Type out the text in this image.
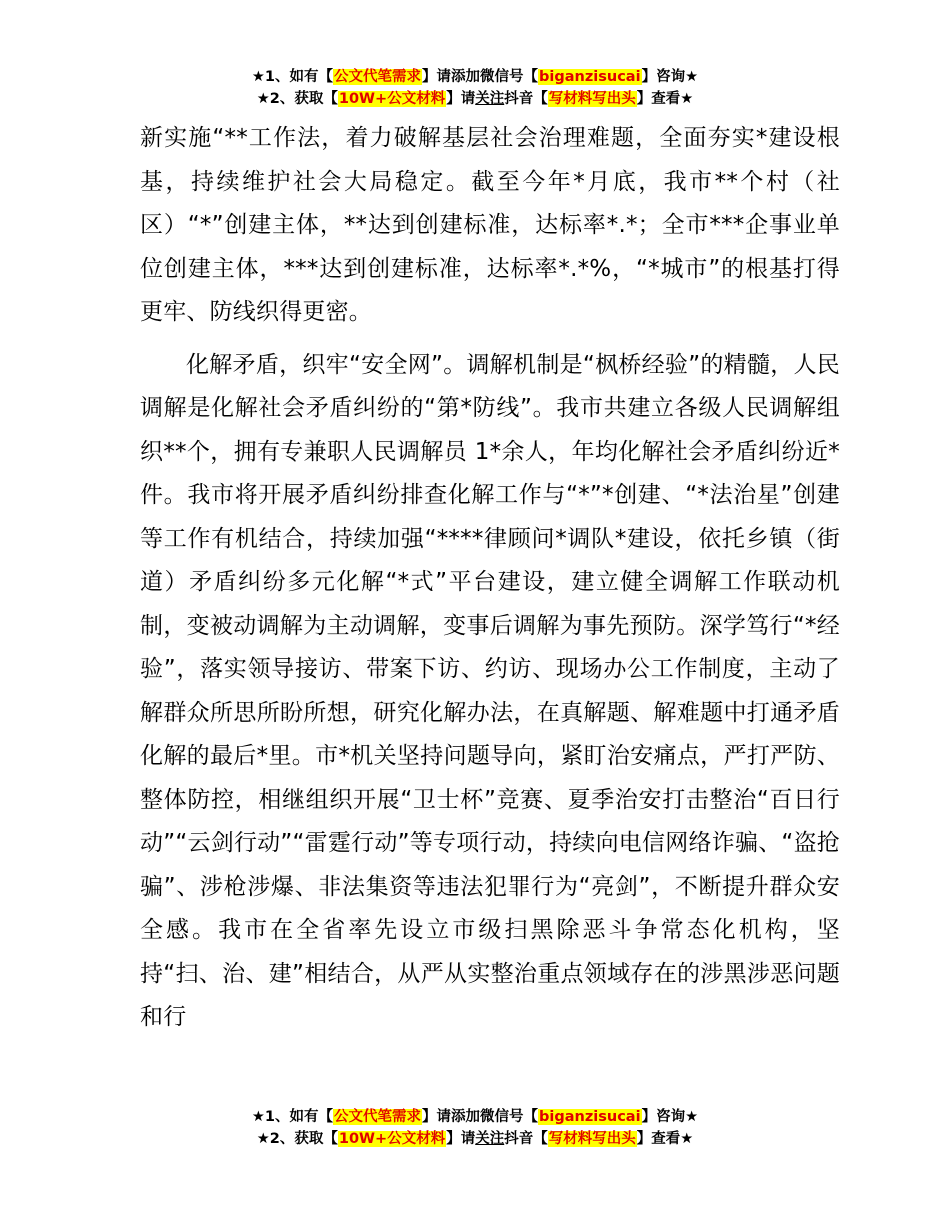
★1、如有【公文代笔需求】请添加微信号【biganzisucai】咨询★
★2、获取【10W+公文材料】请关注抖音【写材料写出头】查看★

新实施“**工作法，着力破解基层社会治理难题，全面夯实*建设根基，持续维护社会大局稳定。截至今年*月底，我市**个村（社区）“*”创建主体，**达到创建标准，达标率*.*；全市***企事业单位创建主体，***达到创建标准，达标率*.*%，“*城市”的根基打得更牢、防线织得更密。

化解矛盾，织牢“安全网”。调解机制是“枫桥经验”的精髓，人民调解是化解社会矛盾纠纷的“第*防线”。我市共建立各级人民调解组织**个，拥有专兼职人民调解员 1*余人，年均化解社会矛盾纠纷近*件。我市将开展矛盾纠纷排查化解工作与“*”*创建、“*法治星”创建等工作有机结合，持续加强“****律顾问*调队*建设，依托乡镇（街道）矛盾纠纷多元化解“*式”平台建设，建立健全调解工作联动机制，变被动调解为主动调解，变事后调解为事先预防。深学笃行“*经验”，落实领导接访、带案下访、约访、现场办公工作制度，主动了解群众所思所盼所想，研究化解办法，在真解题、解难题中打通矛盾化解的最后*里。市*机关坚持问题导向，紧盯治安痛点，严打严防、整体防控，相继组织开展“卫士杯”竞赛、夏季治安打击整治“百日行动”“云剑行动”“雷霆行动”等专项行动，持续向电信网络诈骗、“盗抢骗”、涉枪涉爆、非法集资等违法犯罪行为“亮剑”，不断提升群众安全感。我市在全省率先设立市级扫黑除恶斗争常态化机构，坚持“扫、治、建”相结合，从严从实整治重点领域存在的涉黑涉恶问题和行

★1、如有【公文代笔需求】请添加微信号【biganzisucai】咨询★
★2、获取【10W+公文材料】请关注抖音【写材料写出头】查看★
